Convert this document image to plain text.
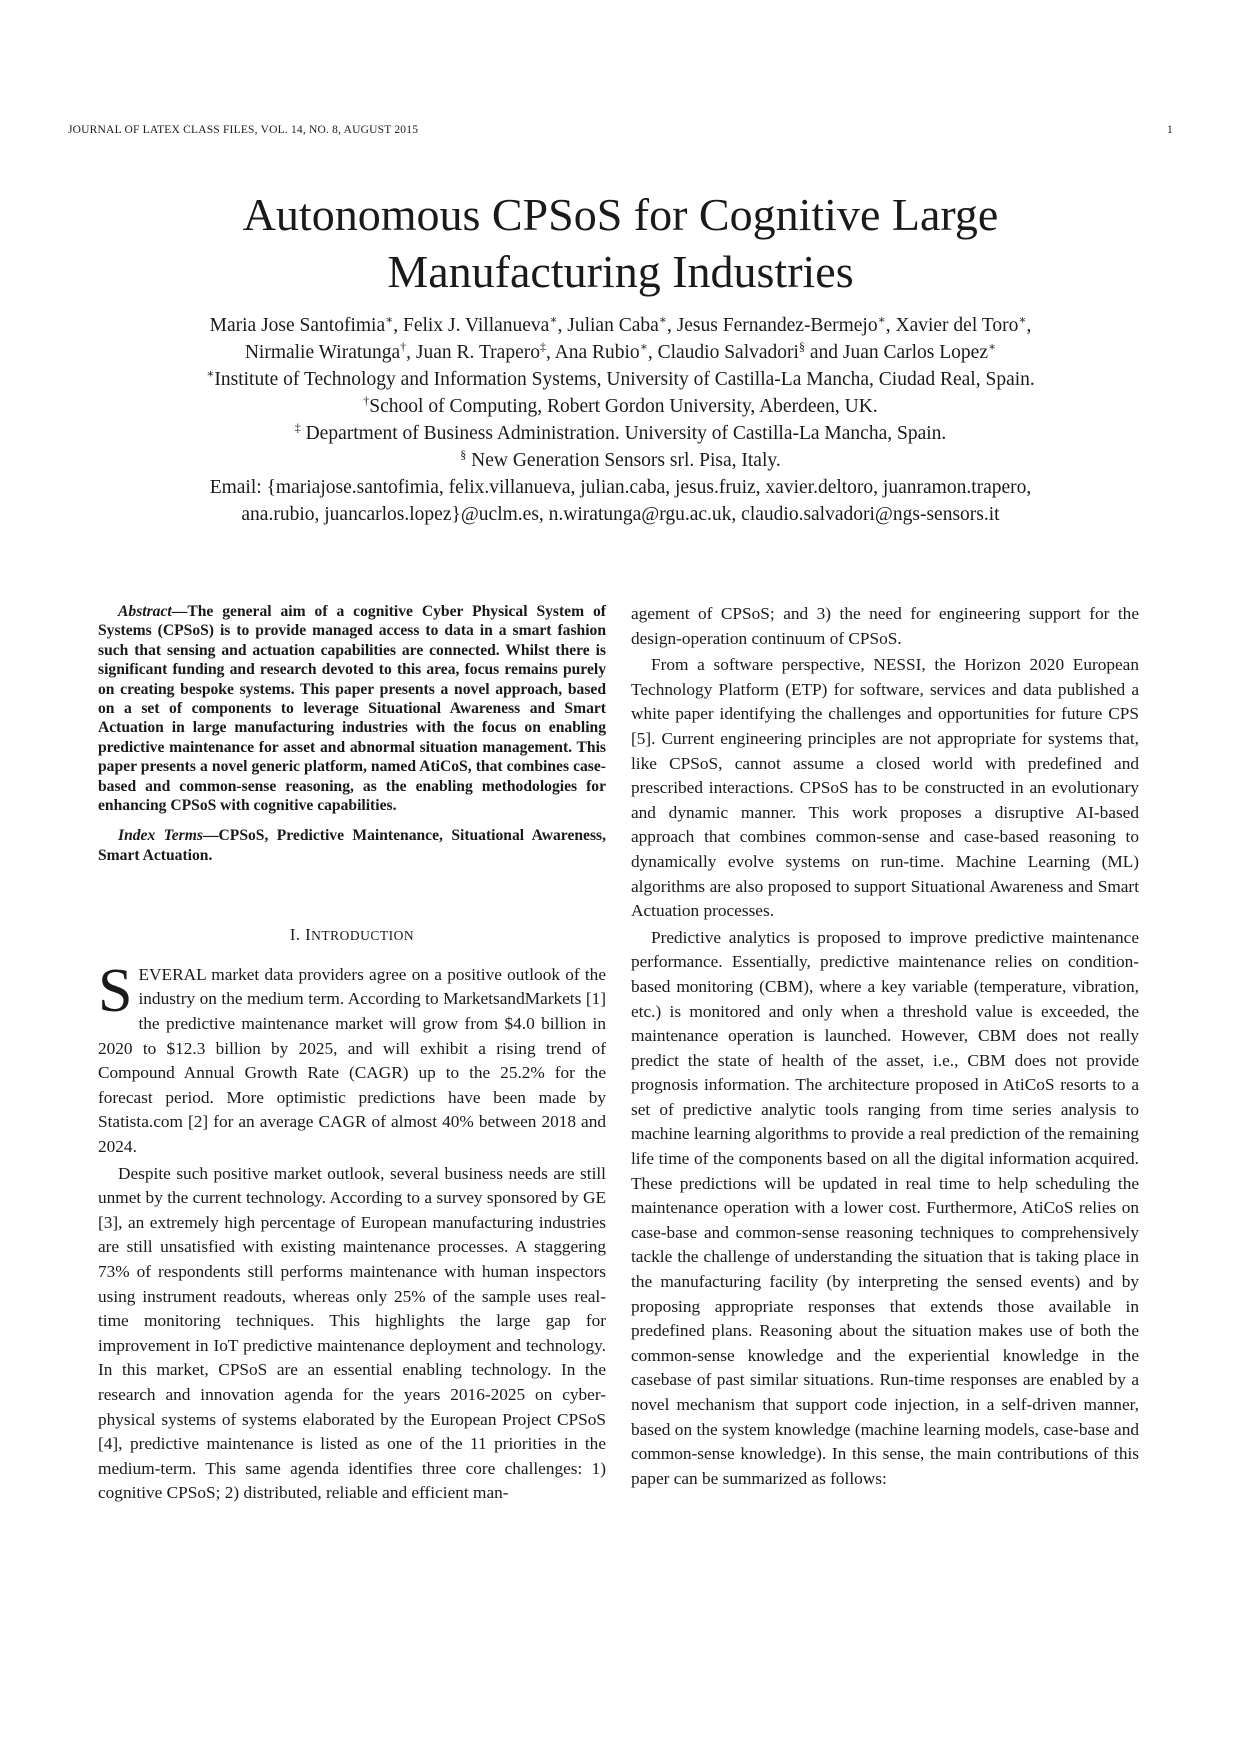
JOURNAL OF LATEX CLASS FILES, VOL. 14, NO. 8, AUGUST 2015	1
Autonomous CPSoS for Cognitive Large
Manufacturing Industries
Maria Jose Santofimia∗, Felix J. Villanueva∗, Julian Caba∗, Jesus Fernandez-Bermejo∗, Xavier del Toro∗,
Nirmalie Wiratunga†, Juan R. Trapero‡, Ana Rubio∗, Claudio Salvadori§ and Juan Carlos Lopez∗
∗Institute of Technology and Information Systems, University of Castilla-La Mancha, Ciudad Real, Spain.
†School of Computing, Robert Gordon University, Aberdeen, UK.
‡ Department of Business Administration. University of Castilla-La Mancha, Spain.
§ New Generation Sensors srl. Pisa, Italy.
Email: {mariajose.santofimia, felix.villanueva, julian.caba, jesus.fruiz, xavier.deltoro, juanramon.trapero,
ana.rubio, juancarlos.lopez}@uclm.es, n.wiratunga@rgu.ac.uk, claudio.salvadori@ngs-sensors.it

Abstract—The general aim of a cognitive Cyber Physical System of Systems (CPSoS) is to provide managed access to data in a smart fashion such that sensing and actuation capabilities are connected. Whilst there is significant funding and research devoted to this area, focus remains purely on creating bespoke systems. This paper presents a novel approach, based on a set of components to leverage Situational Awareness and Smart Actuation in large manufacturing industries with the focus on enabling predictive maintenance for asset and abnormal situation management. This paper presents a novel generic platform, named AtiCoS, that combines case-based and common-sense reasoning, as the enabling methodologies for enhancing CPSoS with cognitive capabilities.

Index Terms—CPSoS, Predictive Maintenance, Situational Awareness, Smart Actuation.

I. INTRODUCTION

SEVERAL market data providers agree on a positive outlook of the industry on the medium term. According to MarketsandMarkets [1] the predictive maintenance market will grow from $4.0 billion in 2020 to $12.3 billion by 2025, and will exhibit a rising trend of Compound Annual Growth Rate (CAGR) up to the 25.2% for the forecast period. More optimistic predictions have been made by Statista.com [2] for an average CAGR of almost 40% between 2018 and 2024.

Despite such positive market outlook, several business needs are still unmet by the current technology. According to a survey sponsored by GE [3], an extremely high percentage of European manufacturing industries are still unsatisfied with existing maintenance processes. A staggering 73% of respondents still performs maintenance with human inspectors using instrument readouts, whereas only 25% of the sample uses real-time monitoring techniques. This highlights the large gap for improvement in IoT predictive maintenance deployment and technology. In this market, CPSoS are an essential enabling technology. In the research and innovation agenda for the years 2016-2025 on cyber-physical systems of systems elaborated by the European Project CPSoS [4], predictive maintenance is listed as one of the 11 priorities in the medium-term. This same agenda identifies three core challenges: 1) cognitive CPSoS; 2) distributed, reliable and efficient man-

agement of CPSoS; and 3) the need for engineering support for the design-operation continuum of CPSoS.

From a software perspective, NESSI, the Horizon 2020 European Technology Platform (ETP) for software, services and data published a white paper identifying the challenges and opportunities for future CPS [5]. Current engineering principles are not appropriate for systems that, like CPSoS, cannot assume a closed world with predefined and prescribed interactions. CPSoS has to be constructed in an evolutionary and dynamic manner. This work proposes a disruptive AI-based approach that combines common-sense and case-based reasoning to dynamically evolve systems on run-time. Machine Learning (ML) algorithms are also proposed to support Situational Awareness and Smart Actuation processes.

Predictive analytics is proposed to improve predictive maintenance performance. Essentially, predictive maintenance relies on condition-based monitoring (CBM), where a key variable (temperature, vibration, etc.) is monitored and only when a threshold value is exceeded, the maintenance operation is launched. However, CBM does not really predict the state of health of the asset, i.e., CBM does not provide prognosis information. The architecture proposed in AtiCoS resorts to a set of predictive analytic tools ranging from time series analysis to machine learning algorithms to provide a real prediction of the remaining life time of the components based on all the digital information acquired. These predictions will be updated in real time to help scheduling the maintenance operation with a lower cost. Furthermore, AtiCoS relies on case-base and common-sense reasoning techniques to comprehensively tackle the challenge of understanding the situation that is taking place in the manufacturing facility (by interpreting the sensed events) and by proposing appropriate responses that extends those available in predefined plans. Reasoning about the situation makes use of both the common-sense knowledge and the experiential knowledge in the casebase of past similar situations. Run-time responses are enabled by a novel mechanism that support code injection, in a self-driven manner, based on the system knowledge (machine learning models, case-base and common-sense knowledge). In this sense, the main contributions of this paper can be summarized as follows:
